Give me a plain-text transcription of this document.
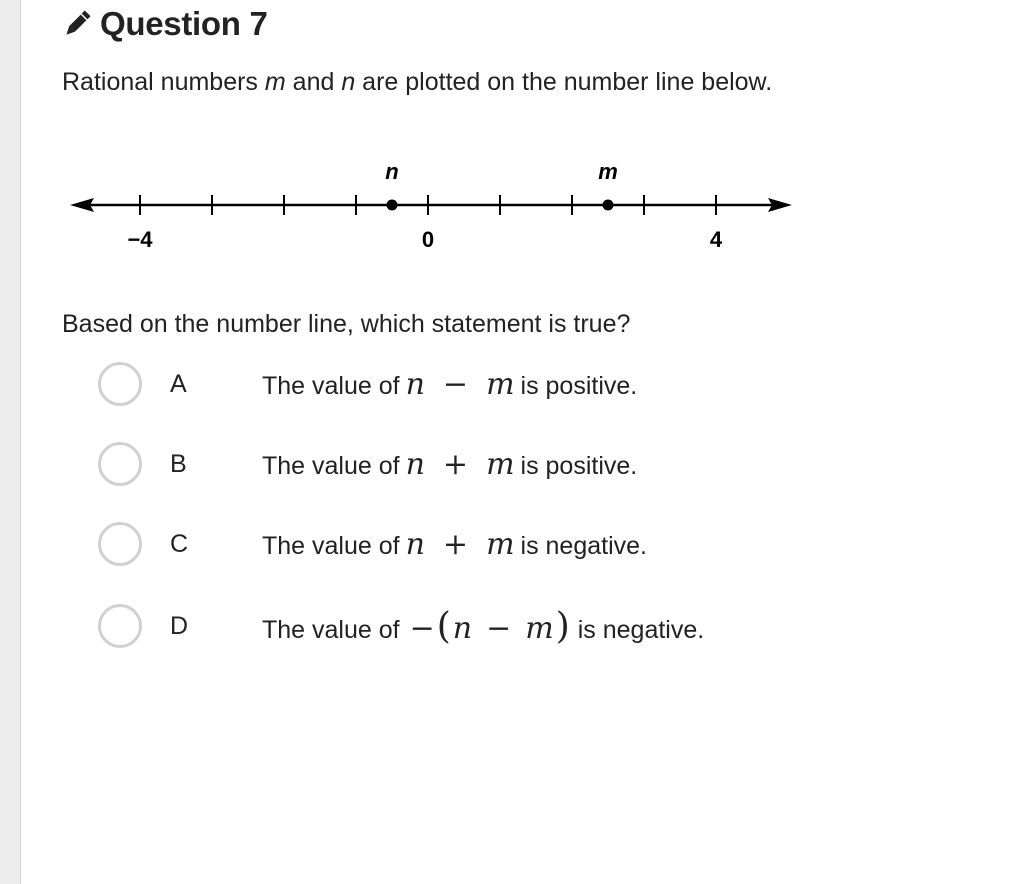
Question 7
Rational numbers m and n are plotted on the number line below.
−4	0	4
n	m
Based on the number line, which statement is true?
A	The value of n − m is positive.
B	The value of n + m is positive.
C	The value of n + m is negative.
D	The value of − ( n − m ) is negative.
